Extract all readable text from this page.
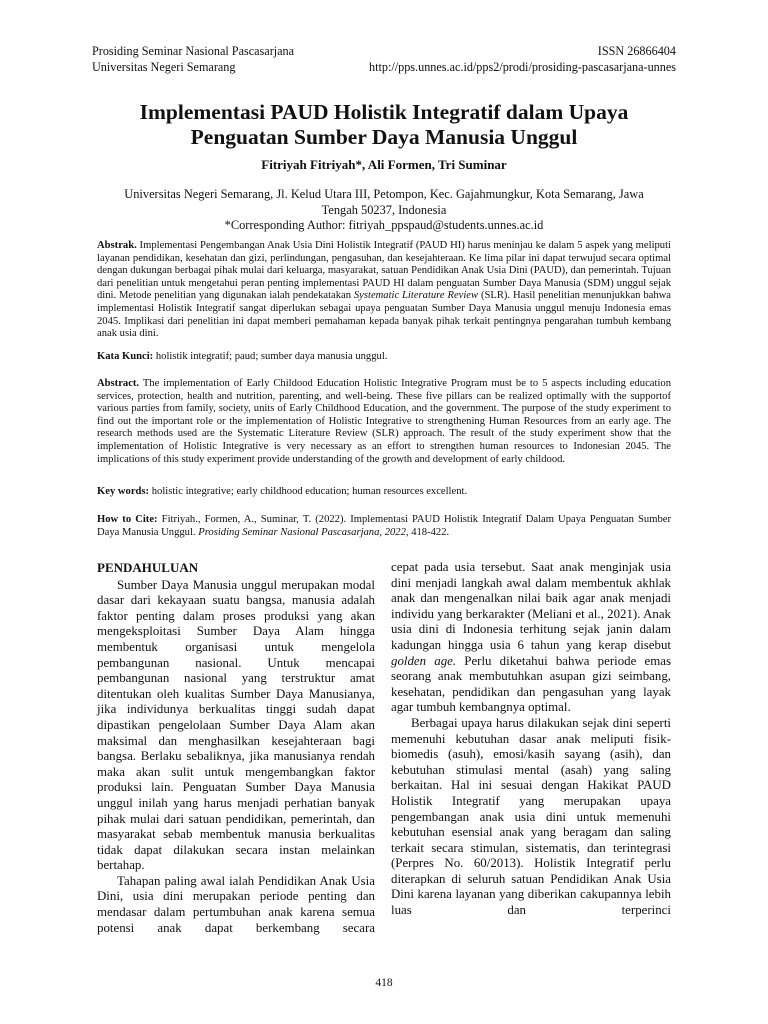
Prosiding Seminar Nasional Pascasarjana
Universitas Negeri Semarang
ISSN 26866404
http://pps.unnes.ac.id/pps2/prodi/prosiding-pascasarjana-unnes
Implementasi PAUD Holistik Integratif dalam Upaya
Penguatan Sumber Daya Manusia Unggul
Fitriyah Fitriyah*, Ali Formen, Tri Suminar
Universitas Negeri Semarang, Jl. Kelud Utara III, Petompon, Kec. Gajahmungkur, Kota Semarang, Jawa
Tengah 50237, Indonesia
*Corresponding Author: fitriyah_ppspaud@students.unnes.ac.id
Abstrak. Implementasi Pengembangan Anak Usia Dini Holistik Integratif (PAUD HI) harus meninjau ke dalam 5 aspek yang meliputi layanan pendidikan, kesehatan dan gizi, perlindungan, pengasuhan, dan kesejahteraan. Ke lima pilar ini dapat terwujud secara optimal dengan dukungan berbagai pihak mulai dari keluarga, masyarakat, satuan Pendidikan Anak Usia Dini (PAUD), dan pemerintah. Tujuan dari penelitian untuk mengetahui peran penting implementasi PAUD HI dalam penguatan Sumber Daya Manusia (SDM) unggul sejak dini. Metode penelitian yang digunakan ialah pendekatakan Systematic Literature Review (SLR). Hasil penelitian menunjukkan bahwa implementasi Holistik Integratif sangat diperlukan sebagai upaya penguatan Sumber Daya Manusia unggul menuju Indonesia emas 2045. Implikasi dari penelitian ini dapat memberi pemahaman kepada banyak pihak terkait pentingnya pengarahan tumbuh kembang anak usia dini.
Kata Kunci: holistik integratif; paud; sumber daya manusia unggul.
Abstract. The implementation of Early Childood Education Holistic Integrative Program must be to 5 aspects including education services, protection, health and nutrition, parenting, and well-being. These five pillars can be realized optimally with the supportof various parties from family, society, units of Early Childhood Education, and the government. The purpose of the study experiment to find out the important role or the implementation of Holistic Integrative to strengthening Human Resources from an early age. The research methods used are the Systematic Literature Review (SLR) approach. The result of the study experiment show that the implementation of Holistic Integrative is very necessary as an effort to strengthen human resources to Indonesian 2045. The implications of this study experiment provide understanding of the growth and development of early childood.
Key words: holistic integrative; early childhood education; human resources excellent.
How to Cite: Fitriyah., Formen, A., Suminar, T. (2022). Implementasi PAUD Holistik Integratif Dalam Upaya Penguatan Sumber Daya Manusia Unggul. Prosiding Seminar Nasional Pascasarjana, 2022, 418-422.
PENDAHULUAN

Sumber Daya Manusia unggul merupakan modal dasar dari kekayaan suatu bangsa, manusia adalah faktor penting dalam proses produksi yang akan mengeksploitasi Sumber Daya Alam hingga membentuk organisasi untuk mengelola pembangunan nasional. Untuk mencapai pembangunan nasional yang terstruktur amat ditentukan oleh kualitas Sumber Daya Manusianya, jika individunya berkualitas tinggi sudah dapat dipastikan pengelolaan Sumber Daya Alam akan maksimal dan menghasilkan kesejahteraan bagi bangsa. Berlaku sebaliknya, jika manusianya rendah maka akan sulit untuk mengembangkan faktor produksi lain. Penguatan Sumber Daya Manusia unggul inilah yang harus menjadi perhatian banyak pihak mulai dari satuan pendidikan, pemerintah, dan masyarakat sebab membentuk manusia berkualitas tidak dapat dilakukan secara instan melainkan bertahap.

Tahapan paling awal ialah Pendidikan Anak Usia Dini, usia dini merupakan periode penting dan mendasar dalam pertumbuhan anak karena semua potensi anak dapat berkembang secara

cepat pada usia tersebut. Saat anak menginjak usia dini menjadi langkah awal dalam membentuk akhlak anak dan mengenalkan nilai baik agar anak menjadi individu yang berkarakter (Meliani et al., 2021). Anak usia dini di Indonesia terhitung sejak janin dalam kadungan hingga usia 6 tahun yang kerap disebut golden age. Perlu diketahui bahwa periode emas seorang anak membutuhkan asupan gizi seimbang, kesehatan, pendidikan dan pengasuhan yang layak agar tumbuh kembangnya optimal.

Berbagai upaya harus dilakukan sejak dini seperti memenuhi kebutuhan dasar anak meliputi fisik-biomedis (asuh), emosi/kasih sayang (asih), dan kebutuhan stimulasi mental (asah) yang saling berkaitan. Hal ini sesuai dengan Hakikat PAUD Holistik Integratif yang merupakan upaya pengembangan anak usia dini untuk memenuhi kebutuhan esensial anak yang beragam dan saling terkait secara stimulan, sistematis, dan terintegrasi (Perpres No. 60/2013). Holistik Integratif perlu diterapkan di seluruh satuan Pendidikan Anak Usia Dini karena layanan yang diberikan cakupannya lebih luas dan terperinci

418
